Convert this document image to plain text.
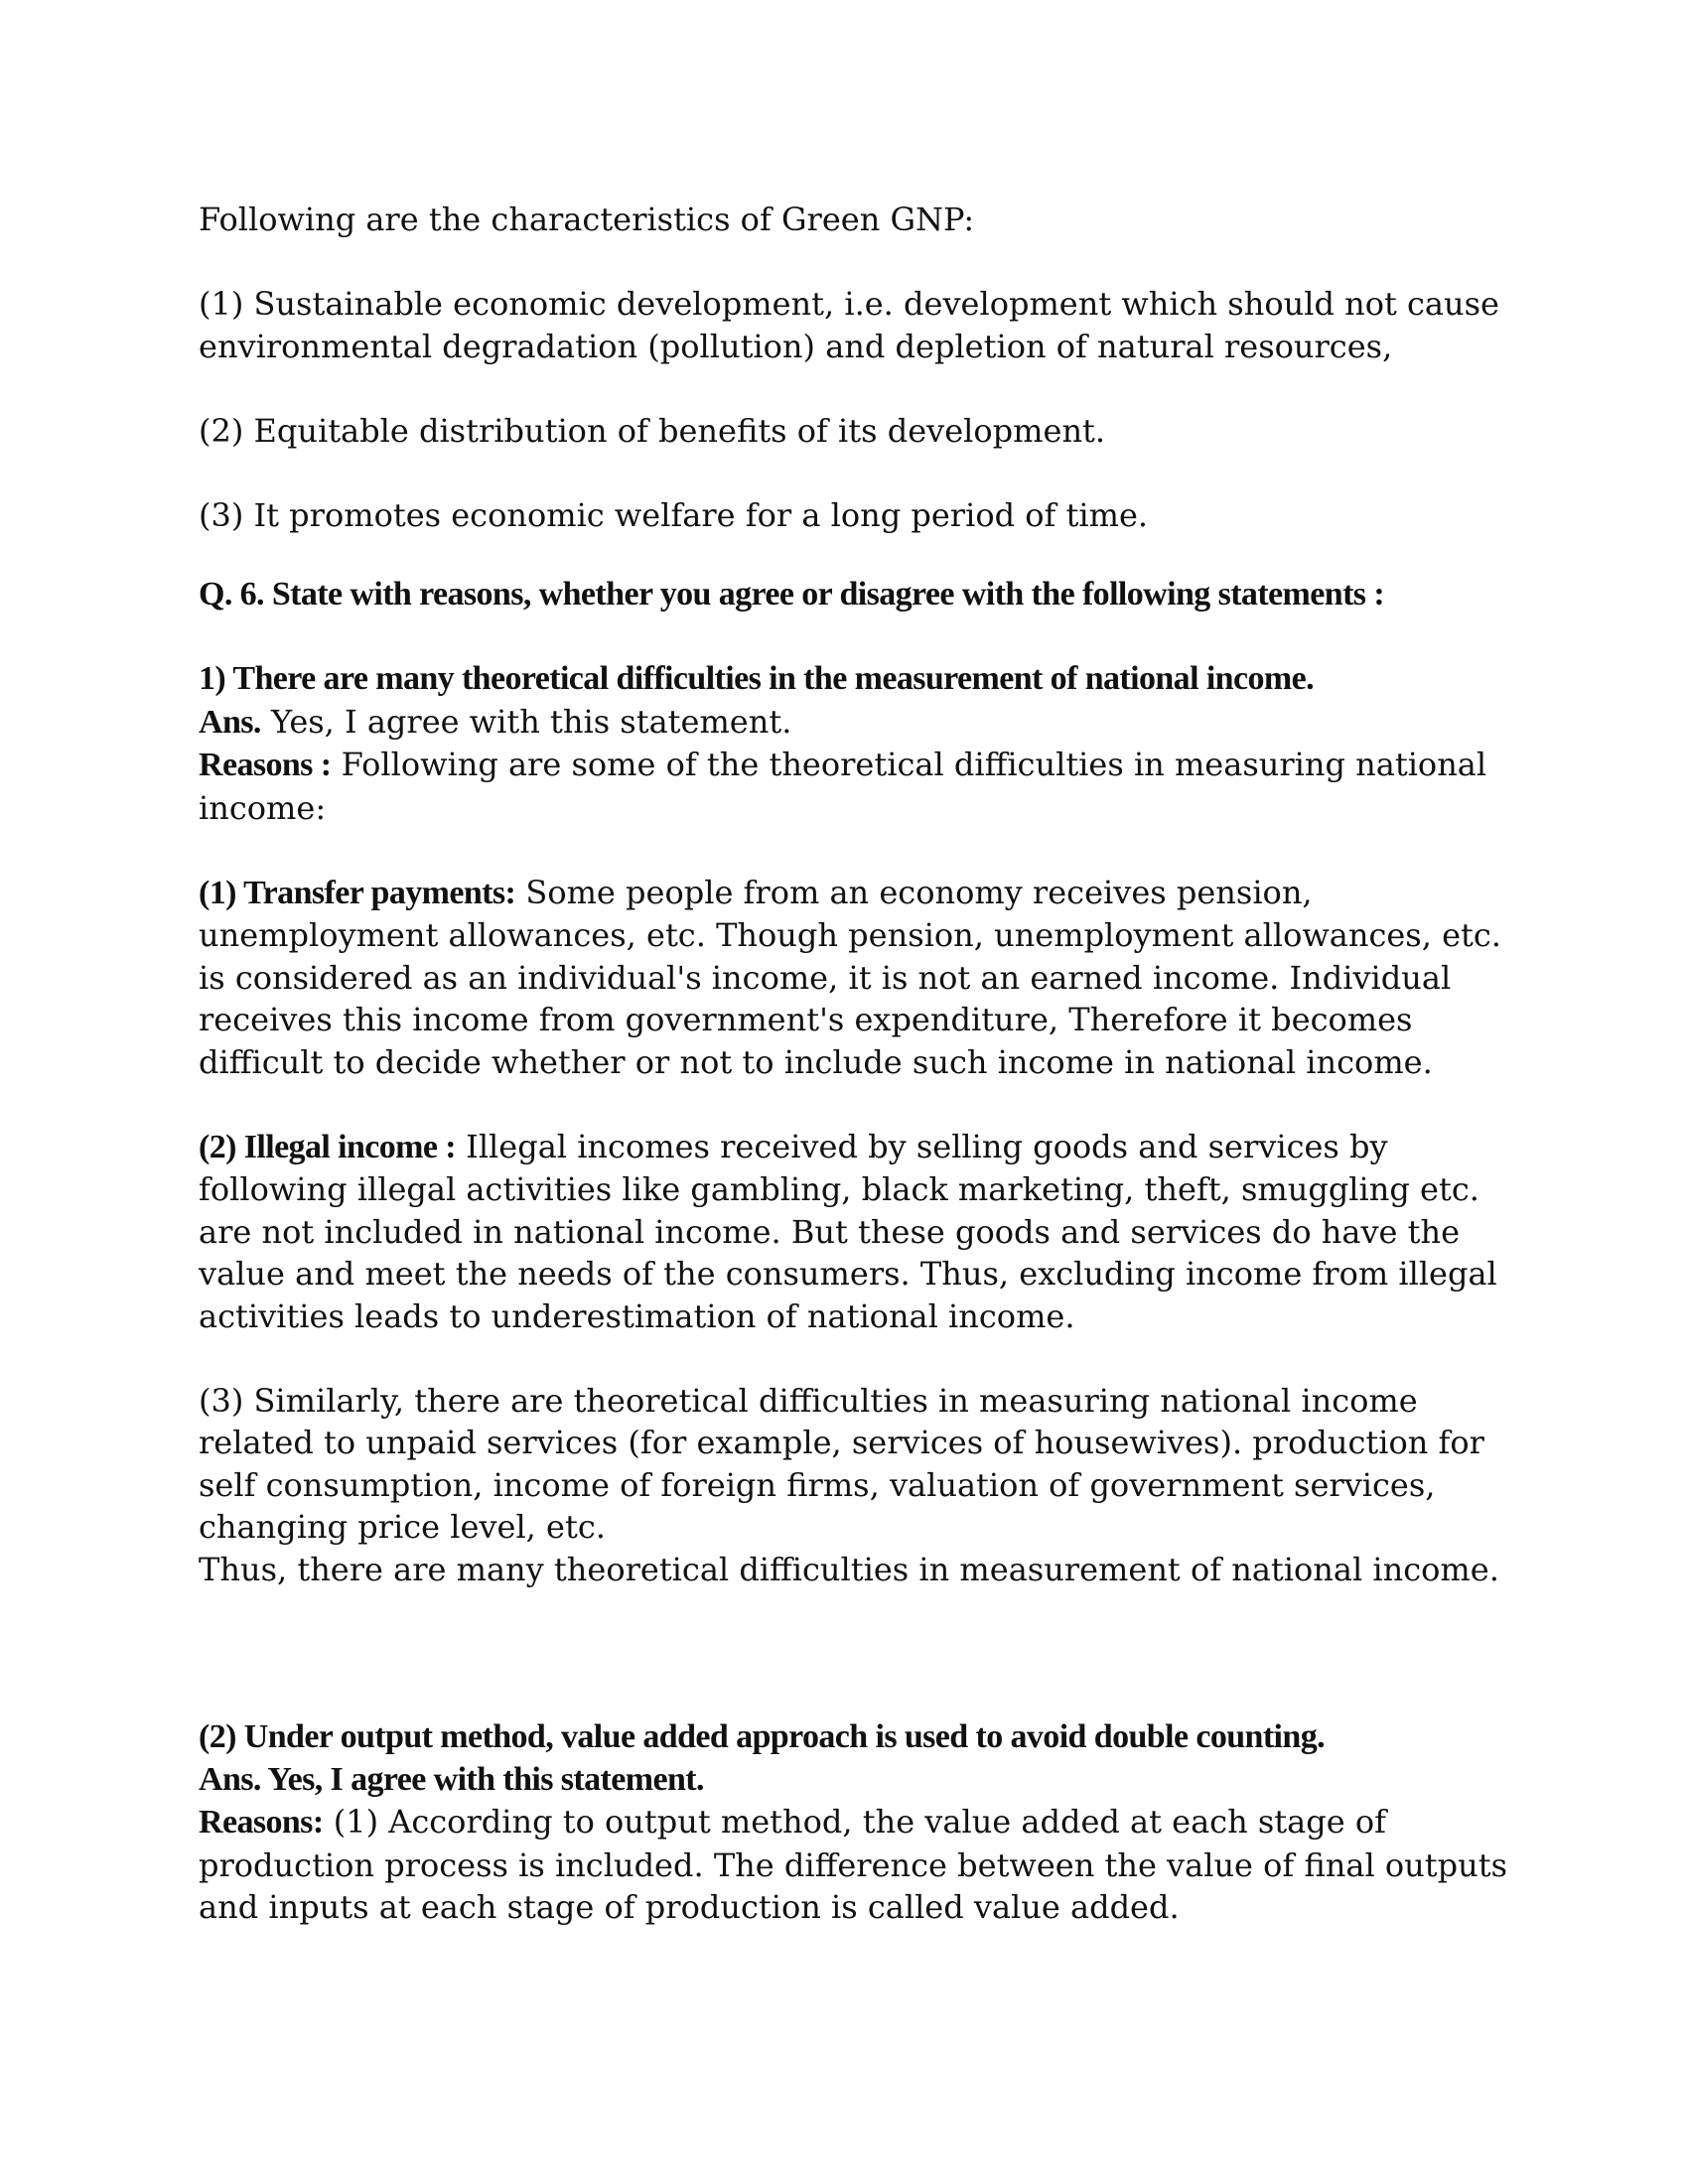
Following are the characteristics of Green GNP:

(1) Sustainable economic development, i.e. development which should not cause environmental degradation (pollution) and depletion of natural resources,

(2) Equitable distribution of benefits of its development.

(3) It promotes economic welfare for a long period of time.

Q. 6. State with reasons, whether you agree or disagree with the following statements :

1) There are many theoretical difficulties in the measurement of national income.

Ans. Yes, I agree with this statement.

Reasons : Following are some of the theoretical difficulties in measuring national income:

(1) Transfer payments: Some people from an economy receives pension, unemployment allowances, etc. Though pension, unemployment allowances, etc. is considered as an individual's income, it is not an earned income. Individual receives this income from government's expenditure, Therefore it becomes difficult to decide whether or not to include such income in national income.

(2) Illegal income : Illegal incomes received by selling goods and services by following illegal activities like gambling, black marketing, theft, smuggling etc. are not included in national income. But these goods and services do have the value and meet the needs of the consumers. Thus, excluding income from illegal activities leads to underestimation of national income.

(3) Similarly, there are theoretical difficulties in measuring national income related to unpaid services (for example, services of housewives). production for self consumption, income of foreign firms, valuation of government services, changing price level, etc.

Thus, there are many theoretical difficulties in measurement of national income.

(2) Under output method, value added approach is used to avoid double counting.

Ans. Yes, I agree with this statement.

Reasons: (1) According to output method, the value added at each stage of production process is included. The difference between the value of final outputs and inputs at each stage of production is called value added.
